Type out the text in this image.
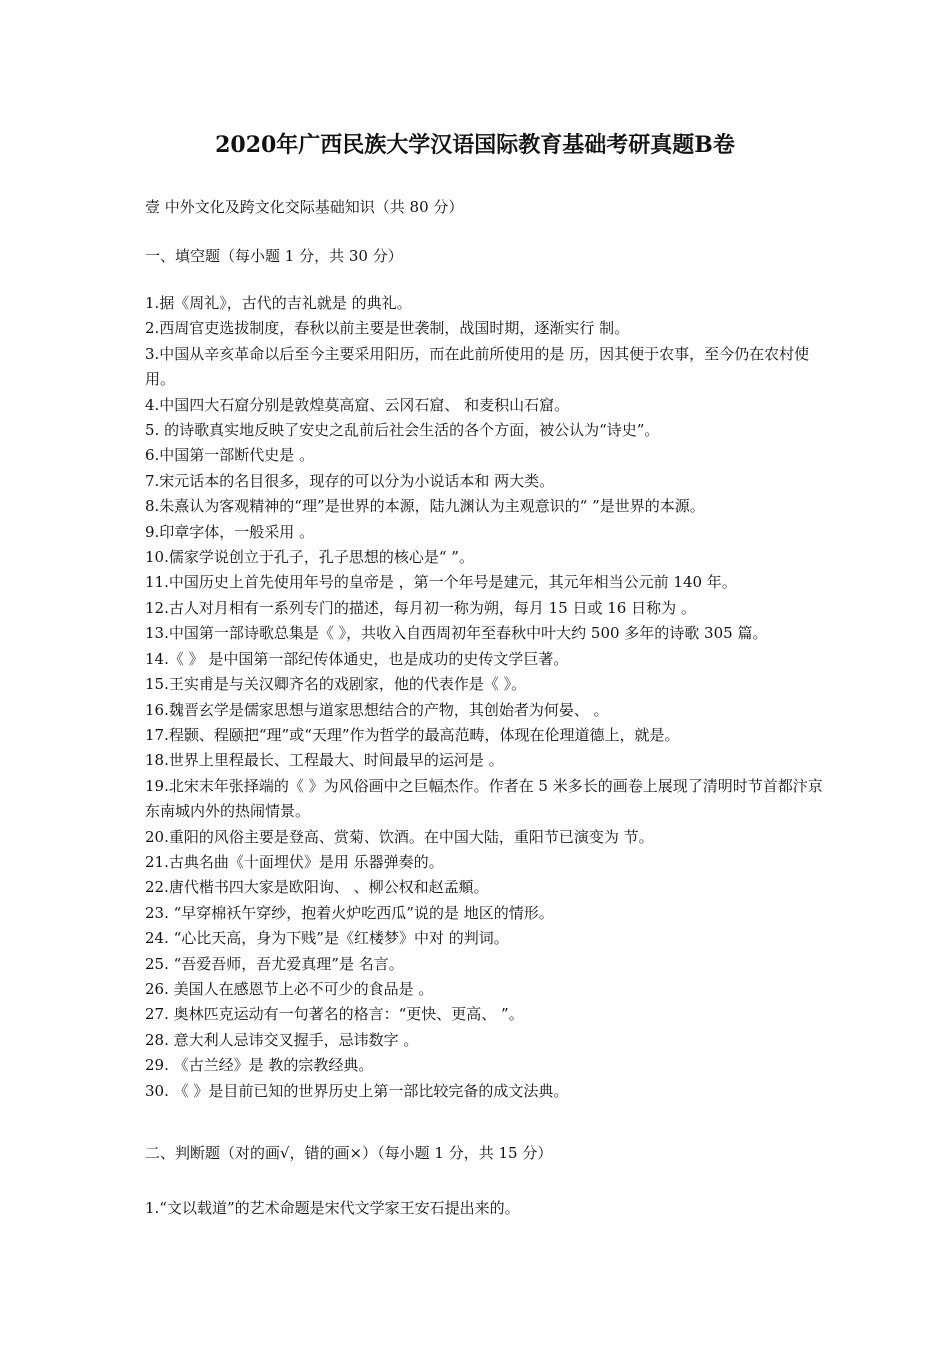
2020年广西民族大学汉语国际教育基础考研真题B卷
壹 中外文化及跨文化交际基础知识（共 80 分）
一、填空题（每小题 1 分，共 30 分）
1.据《周礼》，古代的吉礼就是 的典礼。
2.西周官吏选拔制度，春秋以前主要是世袭制，战国时期，逐渐实行 制。
3.中国从辛亥革命以后至今主要采用阳历，而在此前所使用的是 历，因其便于农事，至今仍在农村使用。
4.中国四大石窟分别是敦煌莫高窟、云冈石窟、 和麦积山石窟。
5. 的诗歌真实地反映了安史之乱前后社会生活的各个方面，被公认为“诗史”。
6.中国第一部断代史是 。
7.宋元话本的名目很多，现存的可以分为小说话本和 两大类。
8.朱熹认为客观精神的“理”是世界的本源，陆九渊认为主观意识的“ ”是世界的本源。
9.印章字体，一般采用 。
10.儒家学说创立于孔子，孔子思想的核心是“ ”。
11.中国历史上首先使用年号的皇帝是 ，第一个年号是建元，其元年相当公元前 140 年。
12.古人对月相有一系列专门的描述，每月初一称为朔，每月 15 日或 16 日称为 。
13.中国第一部诗歌总集是《 》，共收入自西周初年至春秋中叶大约 500 多年的诗歌 305 篇。
14.《 》 是中国第一部纪传体通史，也是成功的史传文学巨著。
15.王实甫是与关汉卿齐名的戏剧家，他的代表作是《 》。
16.魏晋玄学是儒家思想与道家思想结合的产物，其创始者为何晏、 。
17.程颢、程颐把“理”或“天理”作为哲学的最高范畴，体现在伦理道德上，就是。
18.世界上里程最长、工程最大、时间最早的运河是 。
19.北宋末年张择端的《 》为风俗画中之巨幅杰作。作者在 5 米多长的画卷上展现了清明时节首都汴京东南城内外的热闹情景。
20.重阳的风俗主要是登高、赏菊、饮酒。在中国大陆，重阳节已演变为 节。
21.古典名曲《十面埋伏》是用 乐器弹奏的。
22.唐代楷书四大家是欧阳询、 、柳公权和赵孟頫。
23. “早穿棉袄午穿纱，抱着火炉吃西瓜”说的是 地区的情形。
24. “心比天高，身为下贱”是《红楼梦》中对 的判词。
25. “吾爱吾师，吾尤爱真理”是 名言。
26. 美国人在感恩节上必不可少的食品是 。
27. 奥林匹克运动有一句著名的格言：“更快、更高、 ”。
28. 意大利人忌讳交叉握手，忌讳数字 。
29. 《古兰经》是 教的宗教经典。
30. 《 》是目前已知的世界历史上第一部比较完备的成文法典。
二、判断题（对的画√，错的画×）（每小题 1 分，共 15 分）
1.“文以载道”的艺术命题是宋代文学家王安石提出来的。
